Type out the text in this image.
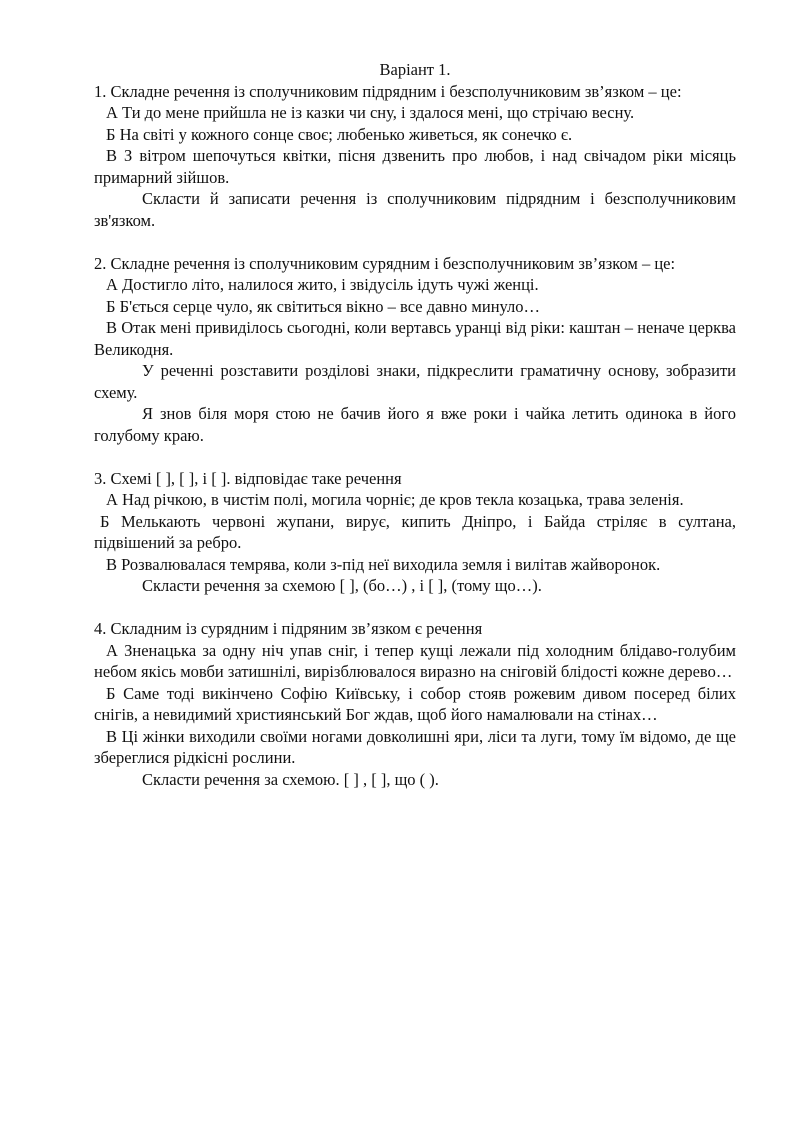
Варіант 1.

1. Складне речення із сполучниковим підрядним і безсполучниковим зв’язком – це:

А Ти до мене прийшла не із казки чи сну, і здалося мені, що стрічаю весну.

Б На світі у кожного сонце своє; любенько живеться, як сонечко є.

В З вітром шепочуться квітки, пісня дзвенить про любов, і над свічадом ріки місяць примарний зійшов.

Скласти й записати речення із сполучниковим підрядним і безсполучниковим зв'язком.

2. Складне речення із сполучниковим сурядним і безсполучниковим зв’язком – це:

А Достигло літо, налилося жито, і звідусіль ідуть чужі женці.

Б Б'ється серце чуло, як світиться вікно – все давно минуло…

В Отак мені привиділось сьогодні, коли вертавсь уранці від ріки: каштан – неначе церква Великодня.

У реченні розставити розділові знаки, підкреслити граматичну основу, зобразити схему.

Я знов біля моря стою не бачив його я вже роки і чайка летить одинока в його голубому краю.

3. Схемі [ ], [ ], і [ ]. відповідає таке речення

А Над річкою, в чистім полі, могила чорніє; де кров текла козацька, трава зеленія.

Б Мелькають червоні жупани, вирує, кипить Дніпро, і Байда стріляє в султана, підвішений за ребро.

В Розвалювалася темрява, коли з-під неї виходила земля і вилітав жайворонок.

Скласти речення за схемою [ ], (бо…) , і [ ], (тому що…).

4. Складним із сурядним і підряним зв’язком є речення

А Зненацька за одну ніч упав сніг, і тепер кущі лежали під холодним блідаво-голубим небом якісь мовби затишнілі, вирізблювалося виразно на сніговій блідості кожне дерево…

Б Саме тоді викінчено Софію Київську, і собор стояв рожевим дивом посеред білих снігів, а невидимий християнський Бог ждав, щоб його намалювали на стінах…

В Ці жінки виходили своїми ногами довколишні яри, ліси та луги, тому їм відомо, де ще збереглися рідкісні рослини.

Скласти речення за схемою. [ ] , [ ], що ( ).
